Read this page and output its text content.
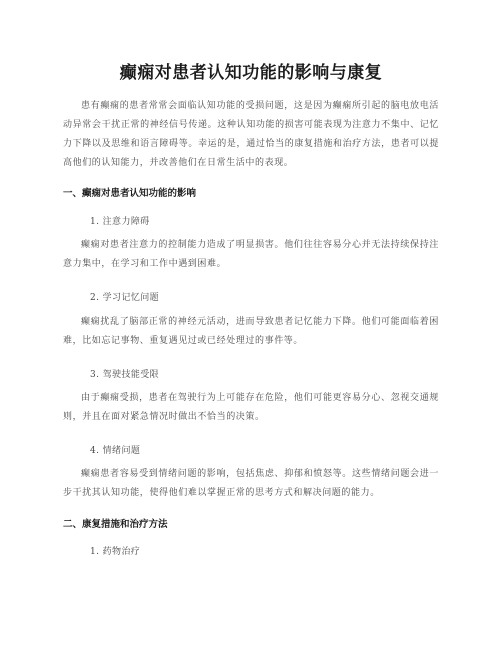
癫痫对患者认知功能的影响与康复
患有癫痫的患者常常会面临认知功能的受损问题，这是因为癫痫所引起的脑电放电活动异常会干扰正常的神经信号传递。这种认知功能的损害可能表现为注意力不集中、记忆力下降以及思维和语言障碍等。幸运的是，通过恰当的康复措施和治疗方法，患者可以提高他们的认知能力，并改善他们在日常生活中的表现。
一、癫痫对患者认知功能的影响
1. 注意力障碍
癫痫对患者注意力的控制能力造成了明显损害。他们往往容易分心并无法持续保持注意力集中，在学习和工作中遇到困难。
2. 学习记忆问题
癫痫扰乱了脑部正常的神经元活动，进而导致患者记忆能力下降。他们可能面临着困难，比如忘记事物、重复遇见过或已经处理过的事件等。
3. 驾驶技能受限
由于癫痫受损，患者在驾驶行为上可能存在危险，他们可能更容易分心、忽视交通规则，并且在面对紧急情况时做出不恰当的决策。
4. 情绪问题
癫痫患者容易受到情绪问题的影响，包括焦虑、抑郁和愤怒等。这些情绪问题会进一步干扰其认知功能，使得他们难以掌握正常的思考方式和解决问题的能力。
二、康复措施和治疗方法
1. 药物治疗
